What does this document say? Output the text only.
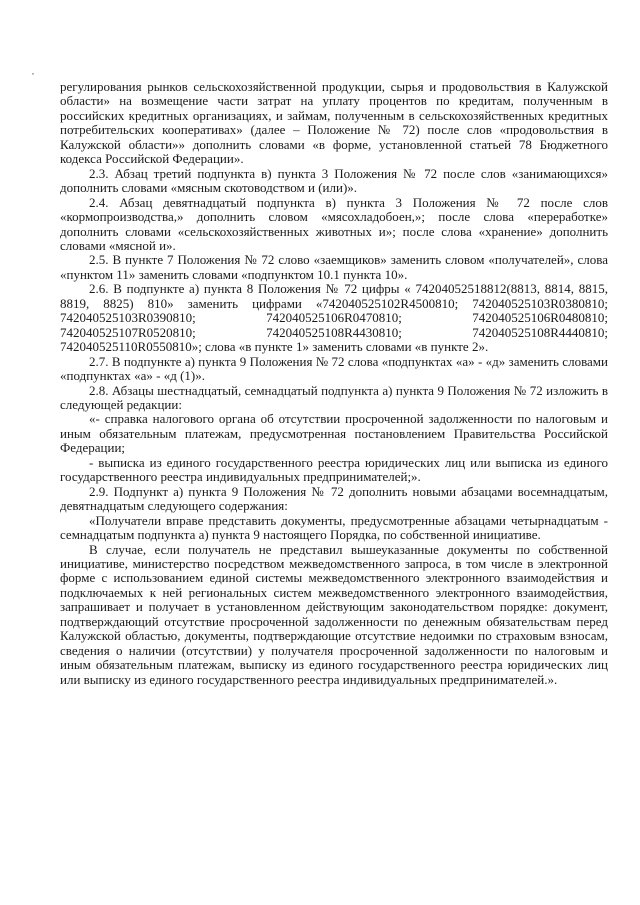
,

регулирования рынков сельскохозяйственной продукции, сырья и продовольствия в Калужской области» на возмещение части затрат на уплату процентов по кредитам, полученным в российских кредитных организациях, и займам, полученным в сельскохозяйственных кредитных потребительских кооперативах» (далее – Положение № 72) после слов «продовольствия в Калужской области»» дополнить словами «в форме, установленной статьей 78 Бюджетного кодекса Российской Федерации».

2.3. Абзац третий подпункта в) пункта 3 Положения № 72 после слов «занимающихся» дополнить словами «мясным скотоводством и (или)».

2.4. Абзац девятнадцатый подпункта в) пункта 3 Положения № 72 после слов «кормопроизводства,» дополнить словом «мясохладобоен,»; после слова «переработке» дополнить словами «сельскохозяйственных животных и»; после слова «хранение» дополнить словами «мясной и».

2.5. В пункте 7 Положения № 72 слово «заемщиков» заменить словом «получателей», слова «пунктом 11» заменить словами «подпунктом 10.1 пункта 10».

2.6. В подпункте а) пункта 8 Положения № 72 цифры « 74204052518812(8813, 8814, 8815, 8819, 8825) 810» заменить цифрами «742040525102R4500810; 742040525103R0380810; 742040525103R0390810; 742040525106R0470810; 742040525106R0480810; 742040525107R0520810; 742040525108R4430810; 742040525108R4440810; 742040525110R0550810»; слова «в пункте 1» заменить словами «в пункте 2».

2.7. В подпункте а) пункта 9 Положения № 72 слова «подпунктах «а» - «д» заменить словами «подпунктах «а» - «д (1)».

2.8. Абзацы шестнадцатый, семнадцатый подпункта а) пункта 9 Положения № 72 изложить в следующей редакции:

«- справка налогового органа об отсутствии просроченной задолженности по налоговым и иным обязательным платежам, предусмотренная постановлением Правительства Российской Федерации;

- выписка из единого государственного реестра юридических лиц или выписка из единого государственного реестра индивидуальных предпринимателей;».

2.9. Подпункт а) пункта 9 Положения № 72 дополнить новыми абзацами восемнадцатым, девятнадцатым следующего содержания:

«Получатели вправе представить документы, предусмотренные абзацами четырнадцатым - семнадцатым подпункта а) пункта 9 настоящего Порядка, по собственной инициативе.

В случае, если получатель не представил вышеуказанные документы по собственной инициативе, министерство посредством межведомственного запроса, в том числе в электронной форме с использованием единой системы межведомственного электронного взаимодействия и подключаемых к ней региональных систем межведомственного электронного взаимодействия, запрашивает и получает в установленном действующим законодательством порядке: документ, подтверждающий отсутствие просроченной задолженности по денежным обязательствам перед Калужской областью, документы, подтверждающие отсутствие недоимки по страховым взносам, сведения о наличии (отсутствии) у получателя просроченной задолженности по налоговым и иным обязательным платежам, выписку из единого государственного реестра юридических лиц или выписку из единого государственного реестра индивидуальных предпринимателей.».
